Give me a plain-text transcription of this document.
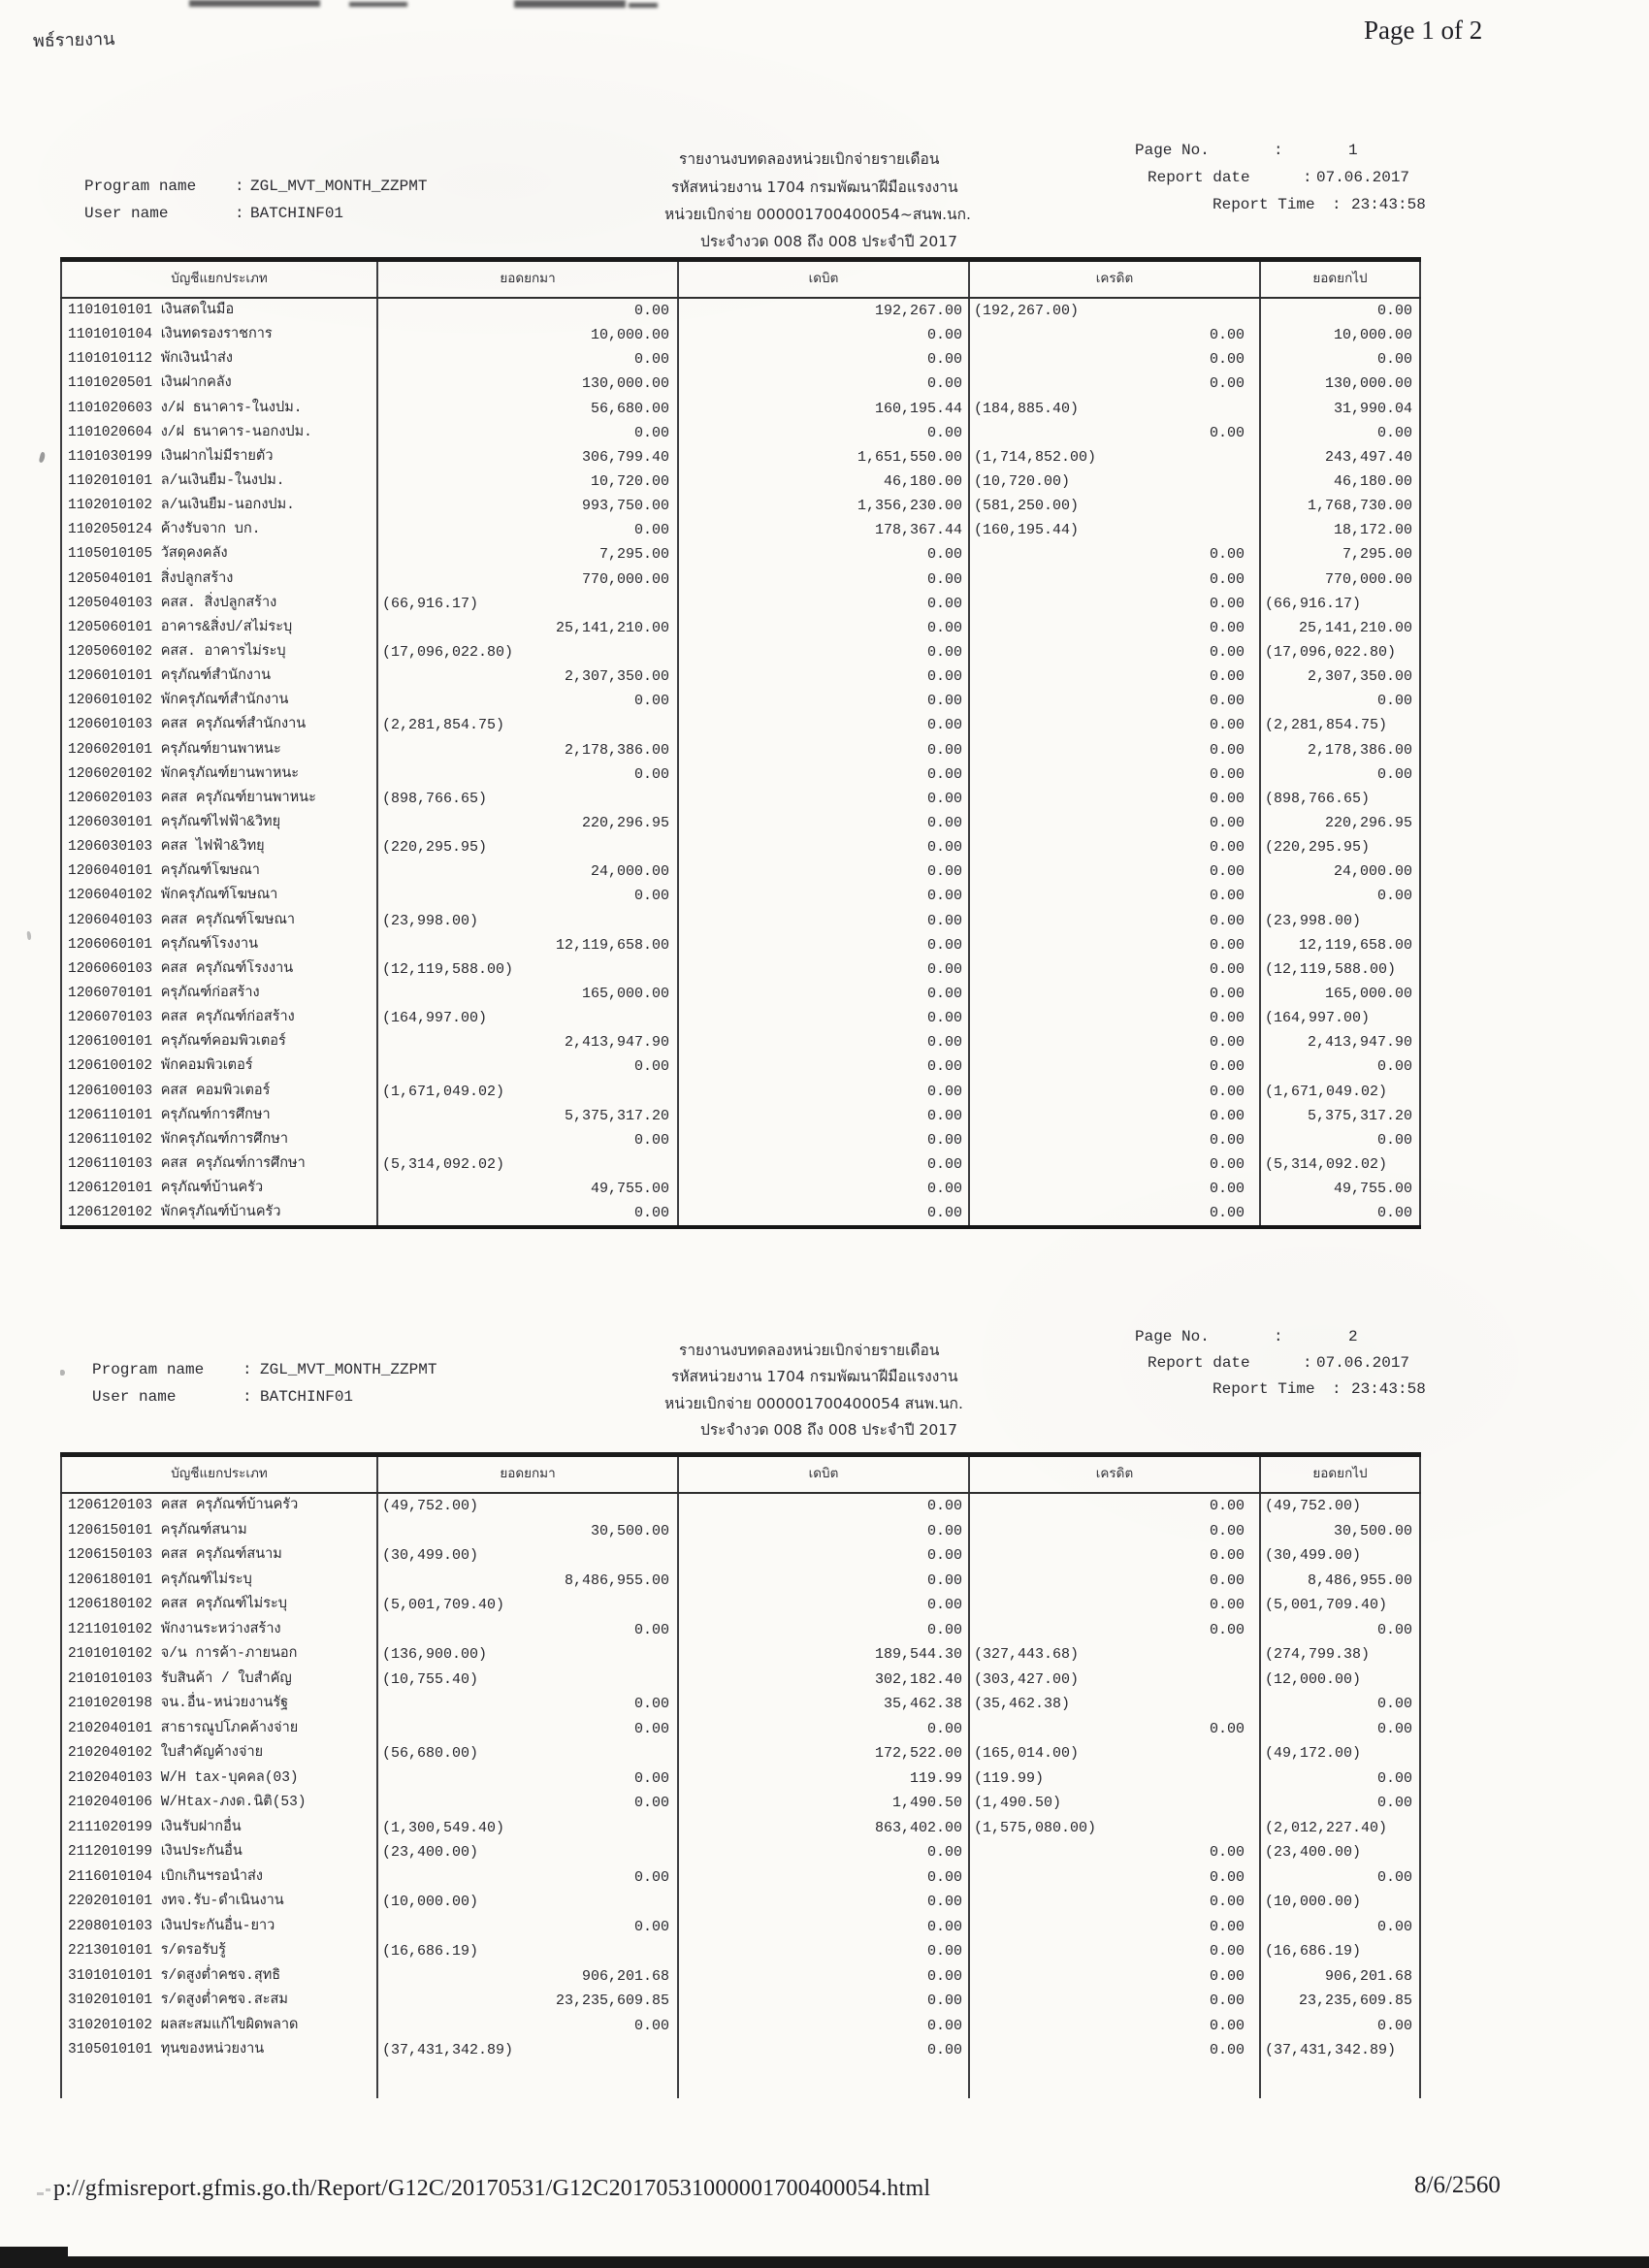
พธ์รายงาน	Page 1 of 2
รายงานงบทดลองหน่วยเบิกจ่ายรายเดือน
รหัสหน่วยงาน 1704 กรมพัฒนาฝีมือแรงงาน
หน่วยเบิกจ่าย 000001700400054~สนพ.นก.
ประจำงวด 008 ถึง 008 ประจำปี 2017
Program name : ZGL_MVT_MONTH_ZZPMT
User name	: BATCHINF01
Page No.	:	1
Report date	: 07.06.2017
Report Time : 23:43:58
บัญชีแยกประเภท	ยอดยกมา	เดบิต	เครดิต	ยอดยกไป
1101010101 เงินสดในมือ	0.00	192,267.00 (192,267.00)	0.00
1101010104 เงินทดรองราชการ	10,000.00	0.00	0.00	10,000.00
1101010112 พักเงินนำส่ง	0.00	0.00	0.00	0.00
1101020501 เงินฝากคลัง	130,000.00	0.00	0.00	130,000.00
1101020603 ง/ฝ ธนาคาร-ในงปม.	56,680.00	160,195.44 (184,885.40)	31,990.04
1101020604 ง/ฝ ธนาคาร-นอกงปม.	0.00	0.00	0.00	0.00
1101030199 เงินฝากไม่มีรายตัว	306,799.40	1,651,550.00 (1,714,852.00)	243,497.40
1102010101 ล/นเงินยืม-ในงปม.	10,720.00	46,180.00 (10,720.00)	46,180.00
1102010102 ล/นเงินยืม-นอกงปม.	993,750.00	1,356,230.00 (581,250.00)	1,768,730.00
1102050124 ค้างรับจาก บก.	0.00	178,367.44 (160,195.44)	18,172.00
1105010105 วัสดุคงคลัง	7,295.00	0.00	0.00	7,295.00
1205040101 สิ่งปลูกสร้าง	770,000.00	0.00	0.00	770,000.00
1205040103 คสส. สิ่งปลูกสร้าง	(66,916.17)	0.00	0.00	(66,916.17)
1205060101 อาคาร&สิ่งป/สไม่ระบุ	25,141,210.00	0.00	0.00	25,141,210.00
1205060102 คสส. อาคารไม่ระบุ	(17,096,022.80)	0.00	0.00	(17,096,022.80)
1206010101 ครุภัณฑ์สำนักงาน	2,307,350.00	0.00	0.00	2,307,350.00
1206010102 พักครุภัณฑ์สำนักงาน	0.00	0.00	0.00	0.00
1206010103 คสส ครุภัณฑ์สำนักงาน	(2,281,854.75)	0.00	0.00	(2,281,854.75)
1206020101 ครุภัณฑ์ยานพาหนะ	2,178,386.00	0.00	0.00	2,178,386.00
1206020102 พักครุภัณฑ์ยานพาหนะ	0.00	0.00	0.00	0.00
1206020103 คสส ครุภัณฑ์ยานพาหนะ	(898,766.65)	0.00	0.00	(898,766.65)
1206030101 ครุภัณฑ์ไฟฟ้า&วิทยุ	220,296.95	0.00	0.00	220,296.95
1206030103 คสส ไฟฟ้า&วิทยุ	(220,295.95)	0.00	0.00	(220,295.95)
1206040101 ครุภัณฑ์โฆษณา	24,000.00	0.00	0.00	24,000.00
1206040102 พักครุภัณฑ์โฆษณา	0.00	0.00	0.00	0.00
1206040103 คสส ครุภัณฑ์โฆษณา	(23,998.00)	0.00	0.00	(23,998.00)
1206060101 ครุภัณฑ์โรงงาน	12,119,658.00	0.00	0.00	12,119,658.00
1206060103 คสส ครุภัณฑ์โรงงาน	(12,119,588.00)	0.00	0.00	(12,119,588.00)
1206070101 ครุภัณฑ์ก่อสร้าง	165,000.00	0.00	0.00	165,000.00
1206070103 คสส ครุภัณฑ์ก่อสร้าง	(164,997.00)	0.00	0.00	(164,997.00)
1206100101 ครุภัณฑ์คอมพิวเตอร์	2,413,947.90	0.00	0.00	2,413,947.90
1206100102 พักคอมพิวเตอร์	0.00	0.00	0.00	0.00
1206100103 คสส คอมพิวเตอร์	(1,671,049.02)	0.00	0.00	(1,671,049.02)
1206110101 ครุภัณฑ์การศึกษา	5,375,317.20	0.00	0.00	5,375,317.20
1206110102 พักครุภัณฑ์การศึกษา	0.00	0.00	0.00	0.00
1206110103 คสส ครุภัณฑ์การศึกษา	(5,314,092.02)	0.00	0.00	(5,314,092.02)
1206120101 ครุภัณฑ์บ้านครัว	49,755.00	0.00	0.00	49,755.00
1206120102 พักครุภัณฑ์บ้านครัว	0.00	0.00	0.00	0.00
รายงานงบทดลองหน่วยเบิกจ่ายรายเดือน
รหัสหน่วยงาน 1704 กรมพัฒนาฝีมือแรงงาน
หน่วยเบิกจ่าย 000001700400054 สนพ.นก.
ประจำงวด 008 ถึง 008 ประจำปี 2017
Program name : ZGL_MVT_MONTH_ZZPMT
User name	: BATCHINF01
Page No.	:	2
Report date	: 07.06.2017
Report Time : 23:43:58
บัญชีแยกประเภท	ยอดยกมา	เดบิต	เครดิต	ยอดยกไป
1206120103 คสส ครุภัณฑ์บ้านครัว	(49,752.00)	0.00	0.00	(49,752.00)
1206150101 ครุภัณฑ์สนาม	30,500.00	0.00	0.00	30,500.00
1206150103 คสส ครุภัณฑ์สนาม	(30,499.00)	0.00	0.00	(30,499.00)
1206180101 ครุภัณฑ์ไม่ระบุ	8,486,955.00	0.00	0.00	8,486,955.00
1206180102 คสส ครุภัณฑ์ไม่ระบุ	(5,001,709.40)	0.00	0.00	(5,001,709.40)
1211010102 พักงานระหว่างสร้าง	0.00	0.00	0.00	0.00
2101010102 จ/น การค้า-ภายนอก	(136,900.00)	189,544.30 (327,443.68)	(274,799.38)
2101010103 รับสินค้า / ใบสำคัญ	(10,755.40)	302,182.40 (303,427.00)	(12,000.00)
2101020198 จน.อื่น-หน่วยงานรัฐ	0.00	35,462.38 (35,462.38)	0.00
2102040101 สาธารณูปโภคค้างจ่าย	0.00	0.00	0.00	0.00
2102040102 ใบสำคัญค้างจ่าย	(56,680.00)	172,522.00 (165,014.00)	(49,172.00)
2102040103 W/H tax-บุคคล(03)	0.00	119.99 (119.99)	0.00
2102040106 W/Htax-ภงด.นิติ(53)	0.00	1,490.50 (1,490.50)	0.00
2111020199 เงินรับฝากอื่น	(1,300,549.40)	863,402.00 (1,575,080.00)	(2,012,227.40)
2112010199 เงินประกันอื่น	(23,400.00)	0.00	0.00	(23,400.00)
2116010104 เบิกเกินฯรอนำส่ง	0.00	0.00	0.00	0.00
2202010101 งทจ.รับ-ดำเนินงาน	(10,000.00)	0.00	0.00	(10,000.00)
2208010103 เงินประกันอื่น-ยาว	0.00	0.00	0.00	0.00
2213010101 ร/ดรอรับรู้	(16,686.19)	0.00	0.00	(16,686.19)
3101010101 ร/ดสูงต่ำคชจ.สุทธิ	906,201.68	0.00	0.00	906,201.68
3102010101 ร/ดสูงต่ำคชจ.สะสม	23,235,609.85	0.00	0.00	23,235,609.85
3102010102 ผลสะสมแก้ไขผิดพลาด	0.00	0.00	0.00	0.00
3105010101 ทุนของหน่วยงาน	(37,431,342.89)	0.00	0.00	(37,431,342.89)
p://gfmisreport.gfmis.go.th/Report/G12C/20170531/G12C20170531000001700400054.html	8/6/2560
